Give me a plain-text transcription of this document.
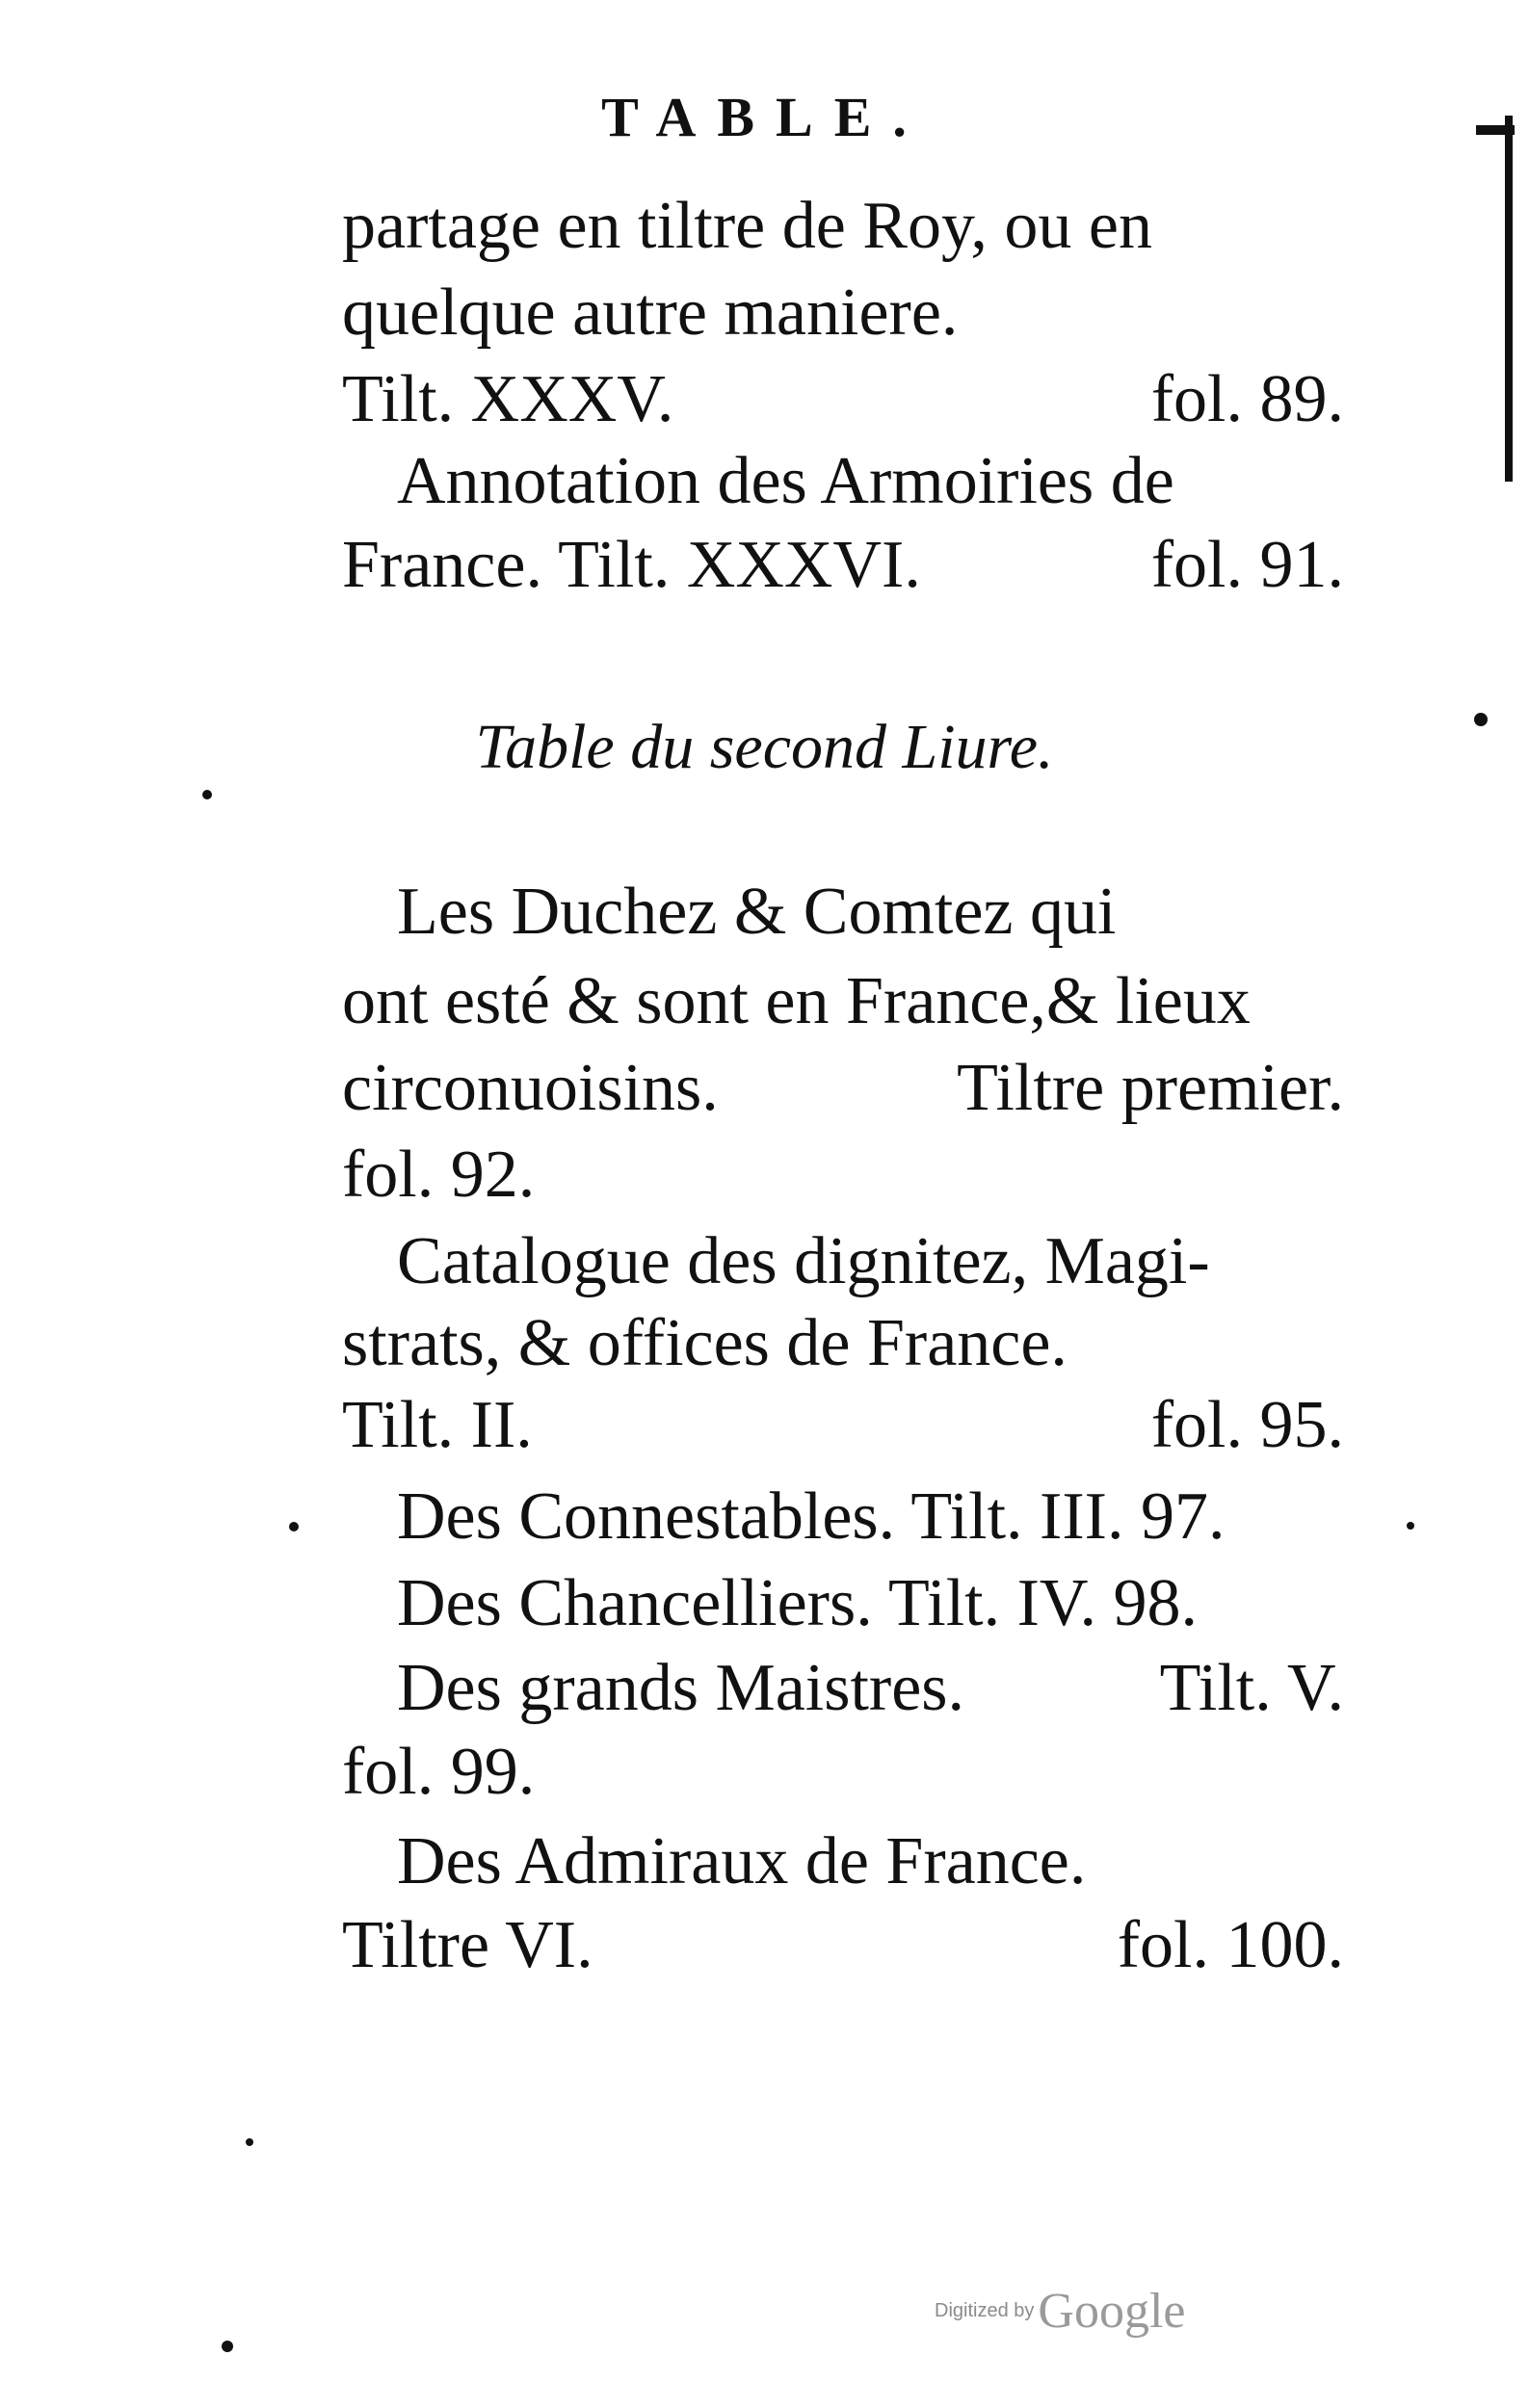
TABLE.
partage en tiltre de Roy, ou en
quelque autre maniere.
Tilt. XXXV.	fol. 89.
Annotation des Armoiries de
France. Tilt. XXXVI.	fol. 91.
Table du second Liure.
Les Duchez & Comtez qui
ont esté & sont en France,& lieux
circonuoisins.	Tiltre premier.
fol. 92.
Catalogue des dignitez, Magi-
strats, & offices de France.
Tilt. II.	fol. 95.
Des Connestables. Tilt. III. 97.
Des Chancelliers. Tilt. IV. 98.
Des grands Maistres.	Tilt. V.
fol. 99.
Des Admiraux de France.
Tiltre VI.	fol. 100.
Digitized by Google
